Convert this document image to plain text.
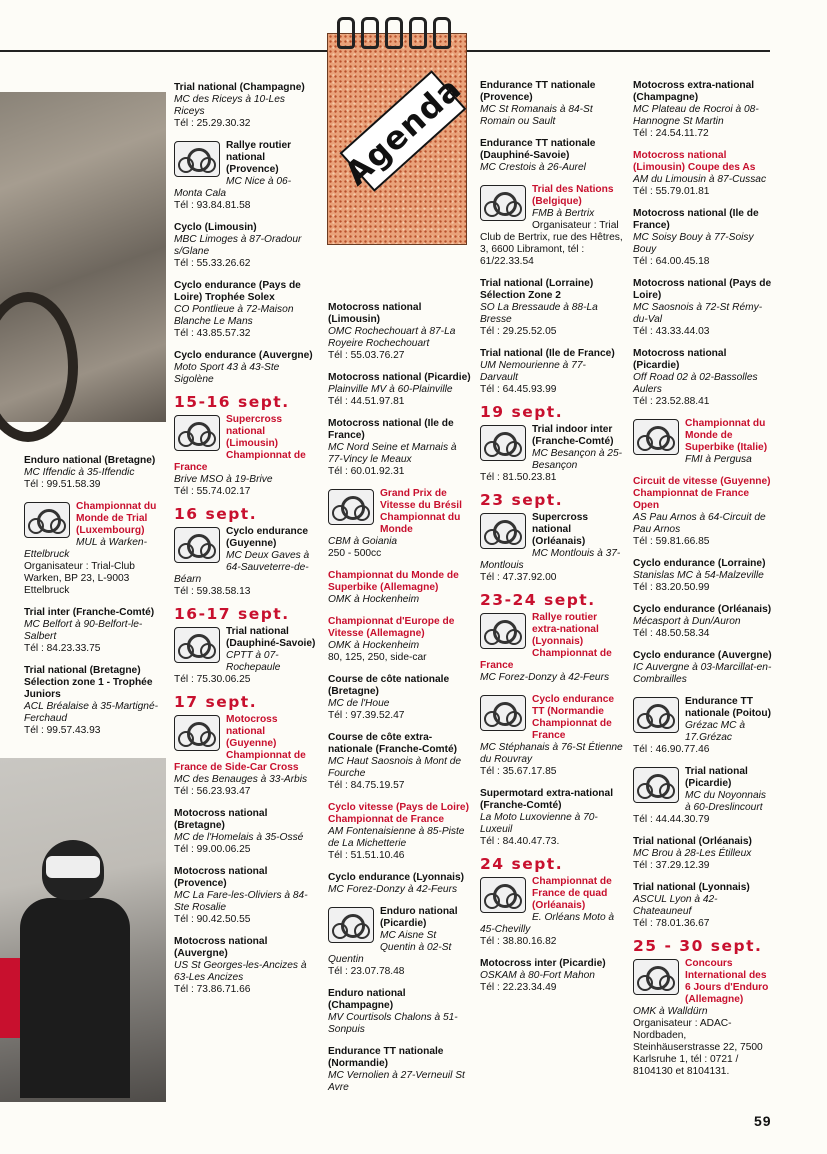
Agenda
Enduro national (Bretagne)
MC Iffendic à 35-Iffendic
Tél : 99.51.58.39
Championnat du Monde de Trial (Luxembourg)
MUL à Warken-Ettelbruck
Organisateur : Trial-Club Warken, BP 23, L-9003 Ettelbruck
Trial inter (Franche-Comté)
MC Belfort à 90-Belfort-le-Salbert
Tél : 84.23.33.75
Trial national (Bretagne) Sélection zone 1 - Trophée Juniors
ACL Bréalaise à 35-Martigné-Ferchaud
Tél : 99.57.43.93
Trial national (Champagne)
MC des Riceys à 10-Les Riceys
Tél : 25.29.30.32
Rallye routier national (Provence)
MC Nice à 06-Monta Cala
Tél : 93.84.81.58
Cyclo (Limousin)
MBC Limoges à 87-Oradour s/Glane
Tél : 55.33.26.62
Cyclo endurance (Pays de Loire) Trophée Solex
CO Pontlieue à 72-Maison Blanche Le Mans
Tél : 43.85.57.32
Cyclo endurance (Auvergne)
Moto Sport 43 à 43-Ste Sigolène
15-16 sept.
Supercross national (Limousin) Championnat de France
Brive MSO à 19-Brive
Tél : 55.74.02.17
16 sept.
Cyclo endurance (Guyenne)
MC Deux Gaves à 64-Sauveterre-de-Béarn
Tél : 59.38.58.13
16-17 sept.
Trial national (Dauphiné-Savoie)
CPTT à 07-Rochepaule
Tél : 75.30.06.25
17 sept.
Motocross national (Guyenne) Championnat de France de Side-Car Cross
MC des Benauges à 33-Arbis
Tél : 56.23.93.47
Motocross national (Bretagne)
MC de l'Homelais à 35-Ossé
Tél : 99.00.06.25
Motocross national (Provence)
MC La Fare-les-Oliviers à 84-Ste Rosalie
Tél : 90.42.50.55
Motocross national (Auvergne)
US St Georges-les-Ancizes à 63-Les Ancizes
Tél : 73.86.71.66
Motocross national (Limousin)
OMC Rochechouart à 87-La Royeire Rochechouart
Tél : 55.03.76.27
Motocross national (Picardie)
Plainville MV à 60-Plainville
Tél : 44.51.97.81
Motocross national (Ile de France)
MC Nord Seine et Marnais à 77-Vincy le Meaux
Tél : 60.01.92.31
Grand Prix de Vitesse du Brésil Championnat du Monde
CBM à Goiania
250 - 500cc
Championnat du Monde de Superbike (Allemagne)
OMK à Hockenheim
Championnat d'Europe de Vitesse (Allemagne)
OMK à Hockenheim
80, 125, 250, side-car
Course de côte nationale (Bretagne)
MC de l'Houe
Tél : 97.39.52.47
Course de côte extra-nationale (Franche-Comté)
MC Haut Saosnois à Mont de Fourche
Tél : 84.75.19.57
Cyclo vitesse (Pays de Loire) Championnat de France
AM Fontenaisienne à 85-Piste de La Michetterie
Tél : 51.51.10.46
Cyclo endurance (Lyonnais)
MC Forez-Donzy à 42-Feurs
Enduro national (Picardie)
MC Aisne St Quentin à 02-St Quentin
Tél : 23.07.78.48
Enduro national (Champagne)
MV Courtisols Chalons à 51-Sonpuis
Endurance TT nationale (Normandie)
MC Vernolien à 27-Verneuil St Avre
Endurance TT nationale (Provence)
MC St Romanais à 84-St Romain ou Sault
Endurance TT nationale (Dauphiné-Savoie)
MC Crestois à 26-Aurel
Trial des Nations (Belgique)
FMB à Bertrix
Organisateur : Trial Club de Bertrix, rue des Hêtres, 3, 6600 Libramont, tél : 61/22.33.54
Trial national (Lorraine) Sélection Zone 2
SO La Bressaude à 88-La Bresse
Tél : 29.25.52.05
Trial national (Ile de France)
UM Nemourienne à 77-Darvault
Tél : 64.45.93.99
19 sept.
Trial indoor inter (Franche-Comté)
MC Besançon à 25-Besançon
Tél : 81.50.23.81
23 sept.
Supercross national (Orléanais)
MC Montlouis à 37-Montlouis
Tél : 47.37.92.00
23-24 sept.
Rallye routier extra-national (Lyonnais) Championnat de France
MC Forez-Donzy à 42-Feurs
Cyclo endurance TT (Normandie Championnat de France
MC Stéphanais à 76-St Étienne du Rouvray
Tél : 35.67.17.85
Supermotard extra-national (Franche-Comté)
La Moto Luxovienne à 70-Luxeuil
Tél : 84.40.47.73.
24 sept.
Championnat de France de quad (Orléanais)
E. Orléans Moto à 45-Chevilly
Tél : 38.80.16.82
Motocross inter (Picardie)
OSKAM à 80-Fort Mahon
Tél : 22.23.34.49
Motocross extra-national (Champagne)
MC Plateau de Rocroi à 08-Hannogne St Martin
Tél : 24.54.11.72
Motocross national (Limousin) Coupe des As
AM du Limousin à 87-Cussac
Tél : 55.79.01.81
Motocross national (Ile de France)
MC Soisy Bouy à 77-Soisy Bouy
Tél : 64.00.45.18
Motocross national (Pays de Loire)
MC Saosnois à 72-St Rémy-du-Val
Tél : 43.33.44.03
Motocross national (Picardie)
Off Road 02 à 02-Bassolles Aulers
Tél : 23.52.88.41
Championnat du Monde de Superbike (Italie)
FMI à Pergusa
Circuit de vitesse (Guyenne) Championnat de France Open
AS Pau Arnos à 64-Circuit de Pau Arnos
Tél : 59.81.66.85
Cyclo endurance (Lorraine)
Stanislas MC à 54-Malzeville
Tél : 83.20.50.99
Cyclo endurance (Orléanais)
Mécasport à Dun/Auron
Tél : 48.50.58.34
Cyclo endurance (Auvergne)
IC Auvergne à 03-Marcillat-en-Combrailles
Endurance TT nationale (Poitou)
Grézac MC à 17.Grézac
Tél : 46.90.77.46
Trial national (Picardie)
MC du Noyonnais à 60-Dreslincourt
Tél : 44.44.30.79
Trial national (Orléanais)
MC Brou à 28-Les Étilleux
Tél : 37.29.12.39
Trial national (Lyonnais)
ASCUL Lyon à 42-Chateauneuf
Tél : 78.01.36.67
25 - 30 sept.
Concours International des 6 Jours d'Enduro (Allemagne)
OMK à Walldürn
Organisateur : ADAC-Nordbaden, Steinhäuserstrasse 22, 7500 Karlsruhe 1, tél : 0721 / 8104130 et 8104131.
59
